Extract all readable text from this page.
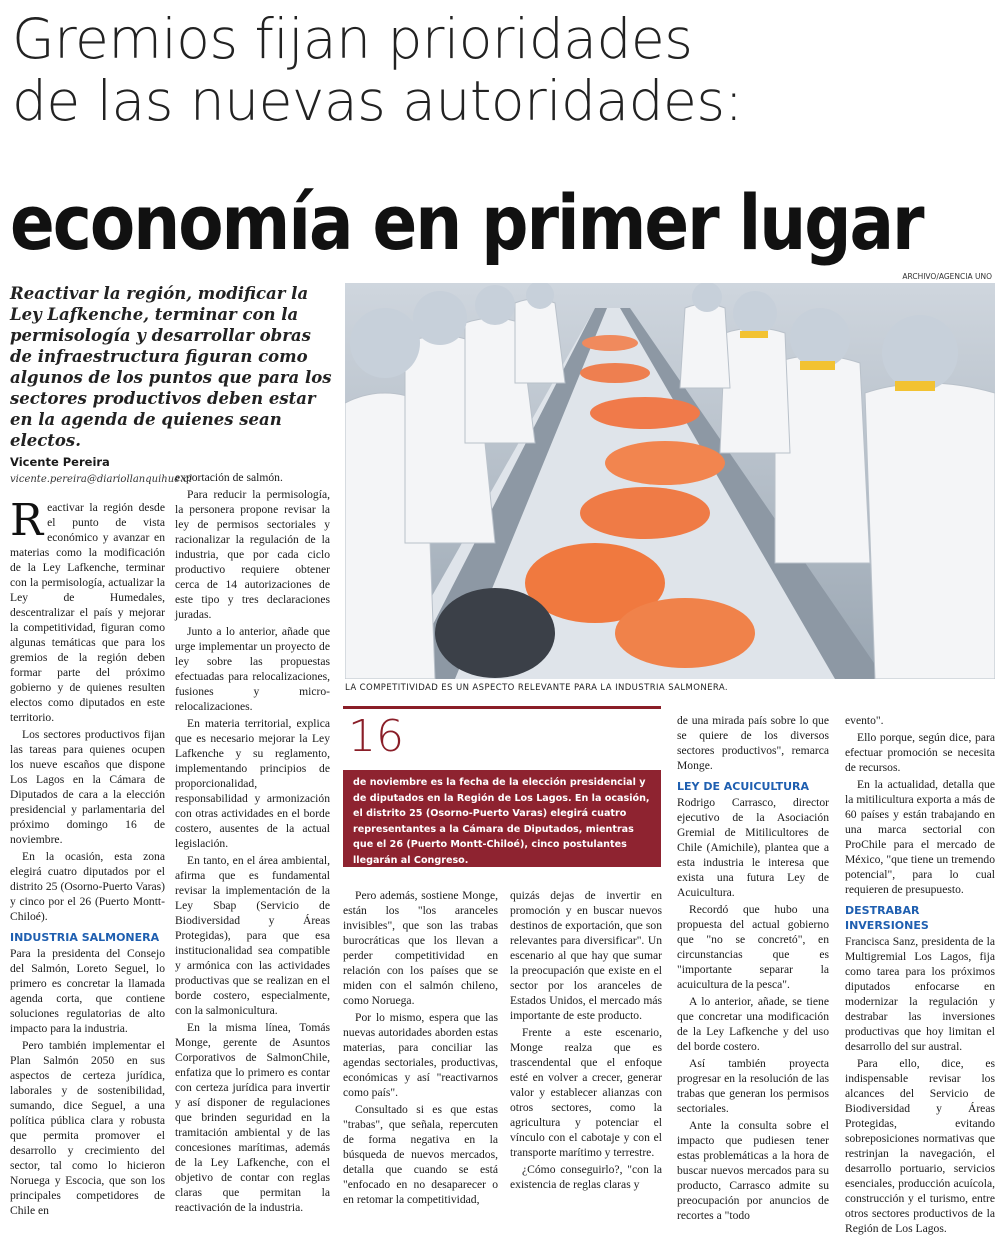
Gremios fijan prioridades
de las nuevas autoridades:
economía en primer lugar
Reactivar la región, modificar la Ley Lafkenche, terminar con la permisología y desarrollar obras de infraestructura figuran como algunos de los puntos que para los sectores productivos deben estar en la agenda de quienes sean electos.
Vicente Pereira
vicente.pereira@diariollanquihue.cl
ARCHIVO/AGENCIA UNO
LA COMPETITIVIDAD ES UN ASPECTO RELEVANTE PARA LA INDUSTRIA SALMONERA.
16
de noviembre es la fecha de la elección presidencial y de diputados en la Región de Los Lagos. En la ocasión, el distrito 25 (Osorno-Puerto Varas) elegirá cuatro representantes a la Cámara de Diputados, mientras que el 26 (Puerto Montt-Chiloé), cinco postulantes llegarán al Congreso.

Reactivar la región desde el punto de vista económico y avanzar en materias como la modificación de la Ley Lafkenche, terminar con la permisología, actualizar la Ley de Humedales, descentralizar el país y mejorar la competitividad, figuran como algunas temáticas que para los gremios de la región deben formar parte del próximo gobierno y de quienes resulten electos como diputados en este territorio.

Los sectores productivos fijan las tareas para quienes ocupen los nueve escaños que dispone Los Lagos en la Cámara de Diputados de cara a la elección presidencial y parlamentaria del próximo domingo 16 de noviembre.

En la ocasión, esta zona elegirá cuatro diputados por el distrito 25 (Osorno-Puerto Varas) y cinco por el 26 (Puerto Montt-Chiloé).

INDUSTRIA SALMONERA

Para la presidenta del Consejo del Salmón, Loreto Seguel, lo primero es concretar la llamada agenda corta, que contiene soluciones regulatorias de alto impacto para la industria.

Pero también implementar el Plan Salmón 2050 en sus aspectos de certeza jurídica, laborales y de sostenibilidad, sumando, dice Seguel, a una política pública clara y robusta que permita promover el desarrollo y crecimiento del sector, tal como lo hicieron Noruega y Escocia, que son los principales competidores de Chile en

exportación de salmón.

Para reducir la permisología, la personera propone revisar la ley de permisos sectoriales y racionalizar la regulación de la industria, que por cada ciclo productivo requiere obtener cerca de 14 autorizaciones de este tipo y tres declaraciones juradas.

Junto a lo anterior, añade que urge implementar un proyecto de ley sobre las propuestas efectuadas para relocalizaciones, fusiones y micro-relocalizaciones.

En materia territorial, explica que es necesario mejorar la Ley Lafkenche y su reglamento, implementando principios de proporcionalidad, responsabilidad y armonización con otras actividades en el borde costero, ausentes de la actual legislación.

En tanto, en el área ambiental, afirma que es fundamental revisar la implementación de la Ley Sbap (Servicio de Biodiversidad y Áreas Protegidas), para que esa institucionalidad sea compatible y armónica con las actividades productivas que se realizan en el borde costero, especialmente, con la salmonicultura.

En la misma línea, Tomás Monge, gerente de Asuntos Corporativos de SalmonChile, enfatiza que lo primero es contar con certeza jurídica para invertir y así disponer de regulaciones que brinden seguridad en la tramitación ambiental y de las concesiones marítimas, además de la Ley Lafkenche, con el objetivo de contar con reglas claras que permitan la reactivación de la industria.

Pero además, sostiene Monge, están los "los aranceles invisibles", que son las trabas burocráticas que los llevan a perder competitividad en relación con los países que se miden con el salmón chileno, como Noruega.

Por lo mismo, espera que las nuevas autoridades aborden estas materias, para conciliar las agendas sectoriales, productivas, económicas y así "reactivarnos como país".

Consultado si es que estas "trabas", que señala, repercuten de forma negativa en la búsqueda de nuevos mercados, detalla que cuando se está "enfocado en no desaparecer o en retomar la competitividad,

quizás dejas de invertir en promoción y en buscar nuevos destinos de exportación, que son relevantes para diversificar". Un escenario al que hay que sumar la preocupación que existe en el sector por los aranceles de Estados Unidos, el mercado más importante de este producto.

Frente a este escenario, Monge realza que es trascendental que el enfoque esté en volver a crecer, generar valor y establecer alianzas con otros sectores, como la agricultura y potenciar el vínculo con el cabotaje y con el transporte marítimo y terrestre.

¿Cómo conseguirlo?, "con la existencia de reglas claras y

de una mirada país sobre lo que se quiere de los diversos sectores productivos", remarca Monge.

LEY DE ACUICULTURA

Rodrigo Carrasco, director ejecutivo de la Asociación Gremial de Mitilicultores de Chile (Amichile), plantea que a esta industria le interesa que exista una futura Ley de Acuicultura.

Recordó que hubo una propuesta del actual gobierno que "no se concretó", en circunstancias que es "importante separar la acuicultura de la pesca".

A lo anterior, añade, se tiene que concretar una modificación de la Ley Lafkenche y del uso del borde costero.

Así también proyecta progresar en la resolución de las trabas que generan los permisos sectoriales.

Ante la consulta sobre el impacto que pudiesen tener estas problemáticas a la hora de buscar nuevos mercados para su producto, Carrasco admite su preocupación por anuncios de recortes a "todo

evento".

Ello porque, según dice, para efectuar promoción se necesita de recursos.

En la actualidad, detalla que la mitilicultura exporta a más de 60 países y están trabajando en una marca sectorial con ProChile para el mercado de México, "que tiene un tremendo potencial", para lo cual requieren de presupuesto.

DESTRABAR INVERSIONES

Francisca Sanz, presidenta de la Multigremial Los Lagos, fija como tarea para los próximos diputados enfocarse en modernizar la regulación y destrabar las inversiones productivas que hoy limitan el desarrollo del sur austral.

Para ello, dice, es indispensable revisar los alcances del Servicio de Biodiversidad y Áreas Protegidas, evitando sobreposiciones normativas que restrinjan la navegación, el desarrollo portuario, servicios esenciales, producción acuícola, construcción y el turismo, entre otros sectores productivos de la Región de Los Lagos.
